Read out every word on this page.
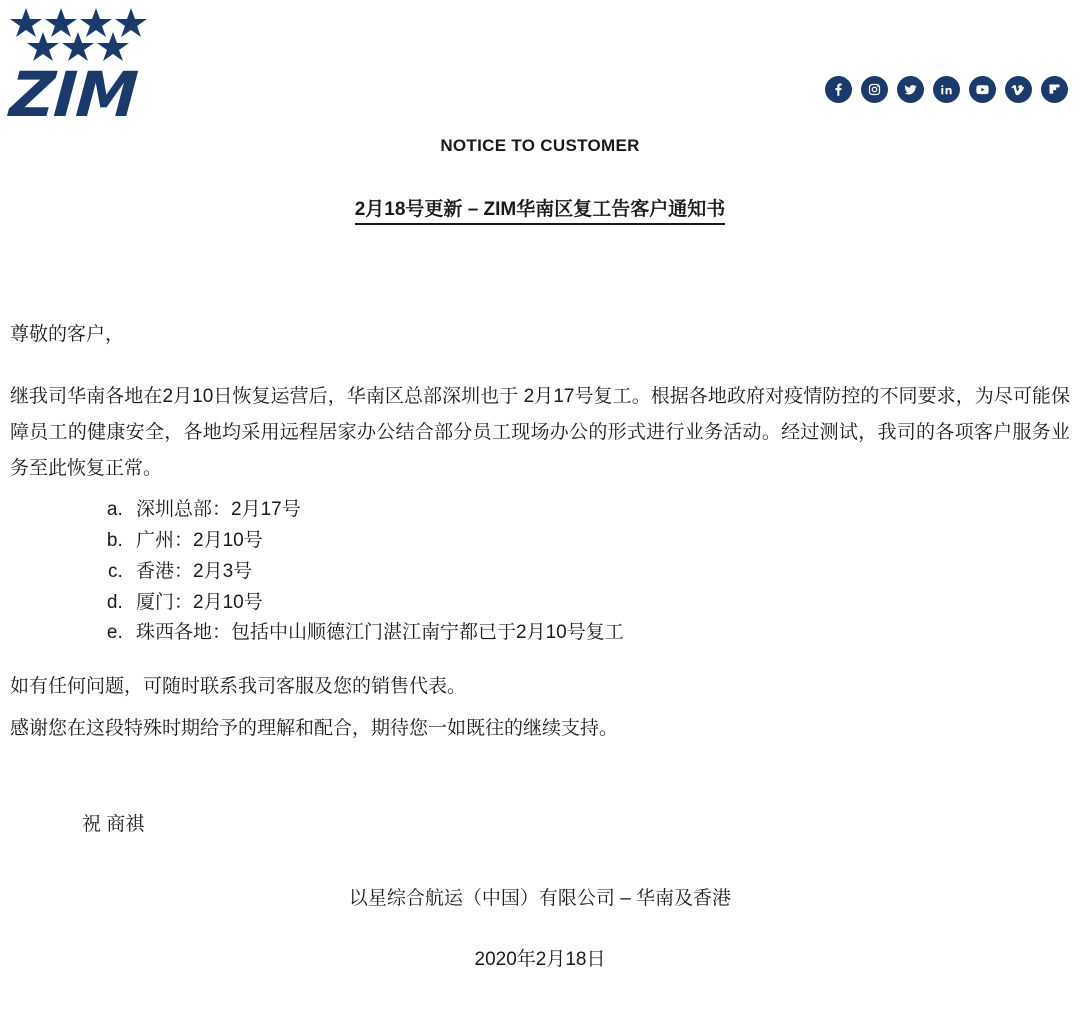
ZIM
NOTICE TO CUSTOMER
2月18号更新 – ZIM华南区复工告客户通知书
尊敬的客户，
继我司华南各地在2月10日恢复运营后，华南区总部深圳也于 2月17号复工。根据各地政府对疫情防控的不同要求，为尽可能保障员工的健康安全，各地均采用远程居家办公结合部分员工现场办公的形式进行业务活动。经过测试，我司的各项客户服务业务至此恢复正常。
a. 深圳总部：2月17号
b. 广州：2月10号
c. 香港：2月3号
d. 厦门：2月10号
e. 珠西各地：包括中山顺德江门湛江南宁都已于2月10号复工
如有任何问题，可随时联系我司客服及您的销售代表。
感谢您在这段特殊时期给予的理解和配合，期待您一如既往的继续支持。
祝 商祺
以星综合航运（中国）有限公司 – 华南及香港
2020年2月18日
